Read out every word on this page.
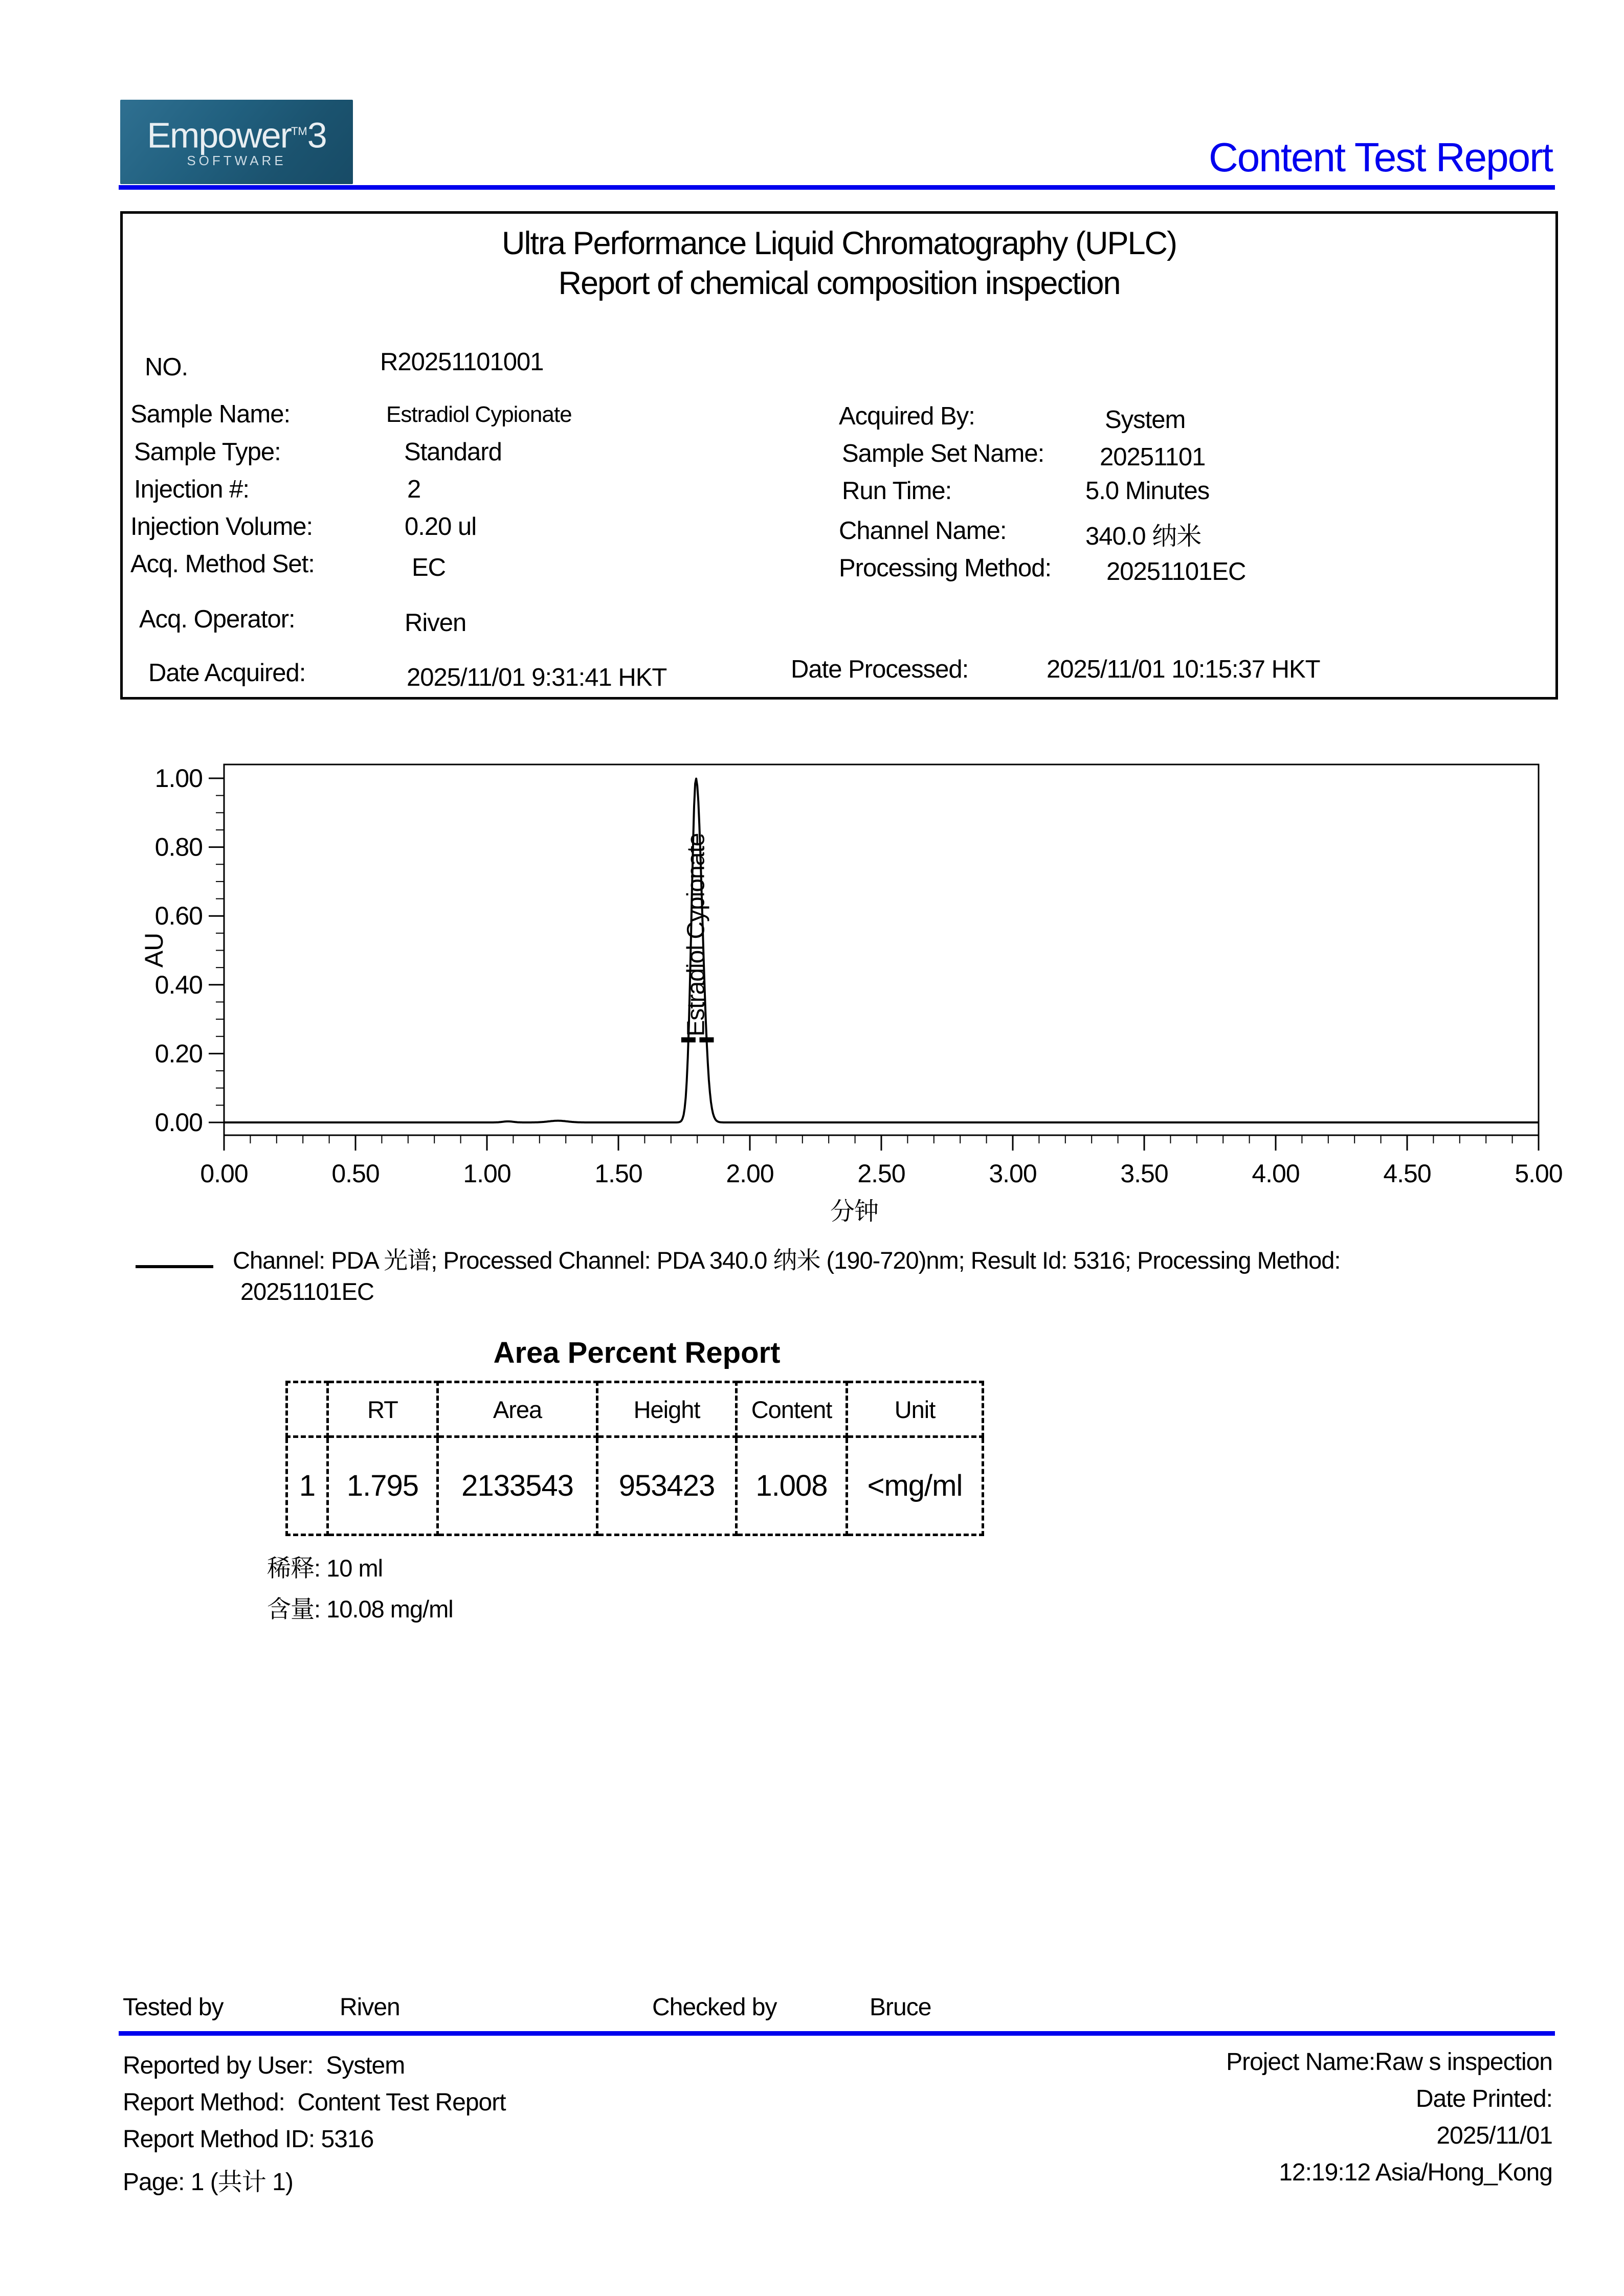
Empower™3
SOFTWARE	Content Test Report
Ultra Performance Liquid Chromatography (UPLC)
Report of chemical composition inspection
NO.	R20251101001
Sample Name:	Estradiol Cypionate
Sample Type:	Standard
Injection #:	2
Injection Volume:	0.20 ul
Acq. Method Set:	EC
Acq. Operator:	Riven
Date Acquired:	2025/11/01 9:31:41 HKT
Acquired By:	System
Sample Set Name: 20251101
Run Time:	5.0 Minutes
Channel Name:	340.0 纳米
Processing Method: 20251101EC
Date Processed:	2025/11/01 10:15:37 HKT
0.00	0.50	1.00	1.50	2.00	2.50	3.00	3.50	4.00	4.50	5.00
0.00
0.20
0.40
0.60
0.80
1.00
分钟
AU	Estradiol Cypionate
Channel: PDA 光谱; Processed Channel: PDA 340.0 纳米 (190-720)nm; Result Id: 5316; Processing Method:
20251101EC
Area Percent Report
	RT	Area	Height	Content	Unit
1	1.795	2133543	953423	1.008	<mg/ml
稀释: 10 ml
含量: 10.08 mg/ml
Tested by	Riven	Checked by	Bruce
Reported by User: System
Report Method: Content Test Report
Report Method ID: 5316
Page: 1 (共计 1)
Project Name:Raw s inspection
Date Printed:
2025/11/01
12:19:12 Asia/Hong_Kong
